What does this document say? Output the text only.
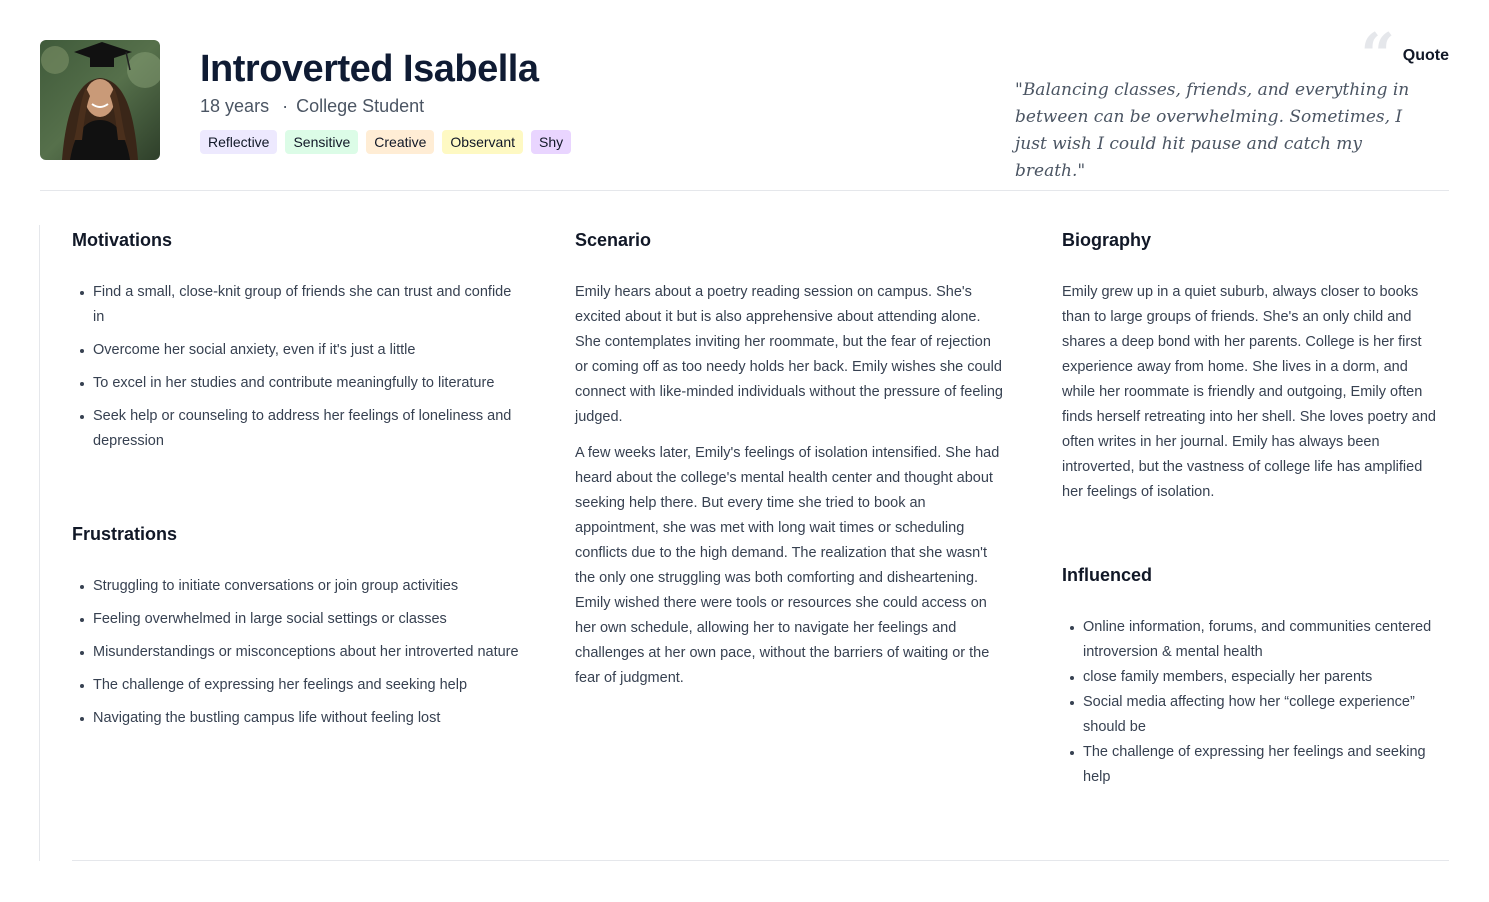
Introverted Isabella
18 years · College Student
Reflective	Sensitive	Creative	Observant	Shy
“ Quote
"Balancing classes, friends, and everything in between can be overwhelming. Sometimes, I just wish I could hit pause and catch my breath."
Motivations
Find a small, close-knit group of friends she can trust and confide in
Overcome her social anxiety, even if it's just a little
To excel in her studies and contribute meaningfully to literature
Seek help or counseling to address her feelings of loneliness and depression
Frustrations
Struggling to initiate conversations or join group activities
Feeling overwhelmed in large social settings or classes
Misunderstandings or misconceptions about her introverted nature
The challenge of expressing her feelings and seeking help
Navigating the bustling campus life without feeling lost
Scenario
Emily hears about a poetry reading session on campus. She's excited about it but is also apprehensive about attending alone. She contemplates inviting her roommate, but the fear of rejection or coming off as too needy holds her back. Emily wishes she could connect with like-minded individuals without the pressure of feeling judged.
A few weeks later, Emily's feelings of isolation intensified. She had heard about the college's mental health center and thought about seeking help there. But every time she tried to book an appointment, she was met with long wait times or scheduling conflicts due to the high demand. The realization that she wasn't the only one struggling was both comforting and disheartening. Emily wished there were tools or resources she could access on her own schedule, allowing her to navigate her feelings and challenges at her own pace, without the barriers of waiting or the fear of judgment.
Biography
Emily grew up in a quiet suburb, always closer to books than to large groups of friends. She's an only child and shares a deep bond with her parents. College is her first experience away from home. She lives in a dorm, and while her roommate is friendly and outgoing, Emily often finds herself retreating into her shell. She loves poetry and often writes in her journal. Emily has always been introverted, but the vastness of college life has amplified her feelings of isolation.
Influenced
Online information, forums, and communities centered introversion & mental health
close family members, especially her parents
Social media affecting how her “college experience” should be
The challenge of expressing her feelings and seeking help
